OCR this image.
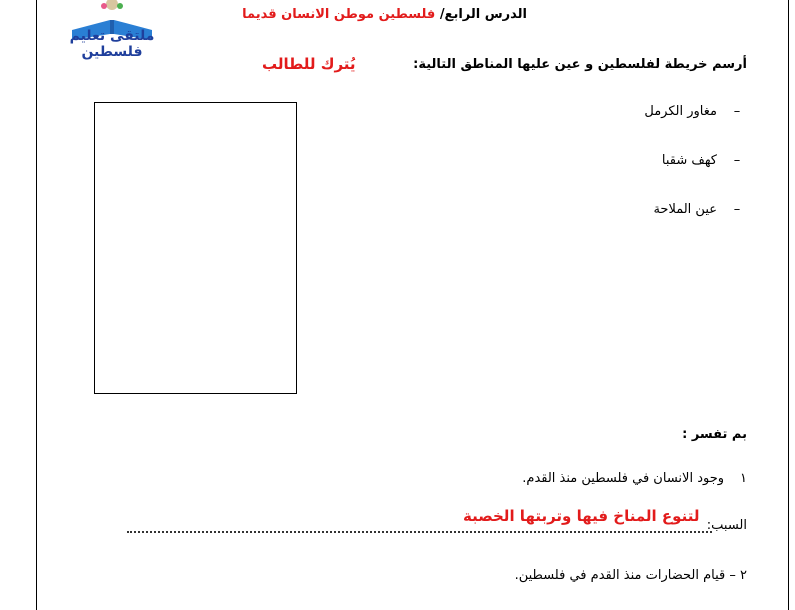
ملتقى تعليم فلسطين
الدرس الرابع/ فلسطين موطن الانسان قديما
أرسم خريطة لفلسطين و عين عليها المناطق التالية:
يُترك للطالب
–مغاور الكرمل
–كهف شقبا
–عين الملاحة
بم تفسر :
١وجود الانسان في فلسطين منذ القدم.
السبب:
لتنوع المناخ فيها وتربتها الخصبة
٢ – قيام الحضارات منذ القدم في فلسطين.
